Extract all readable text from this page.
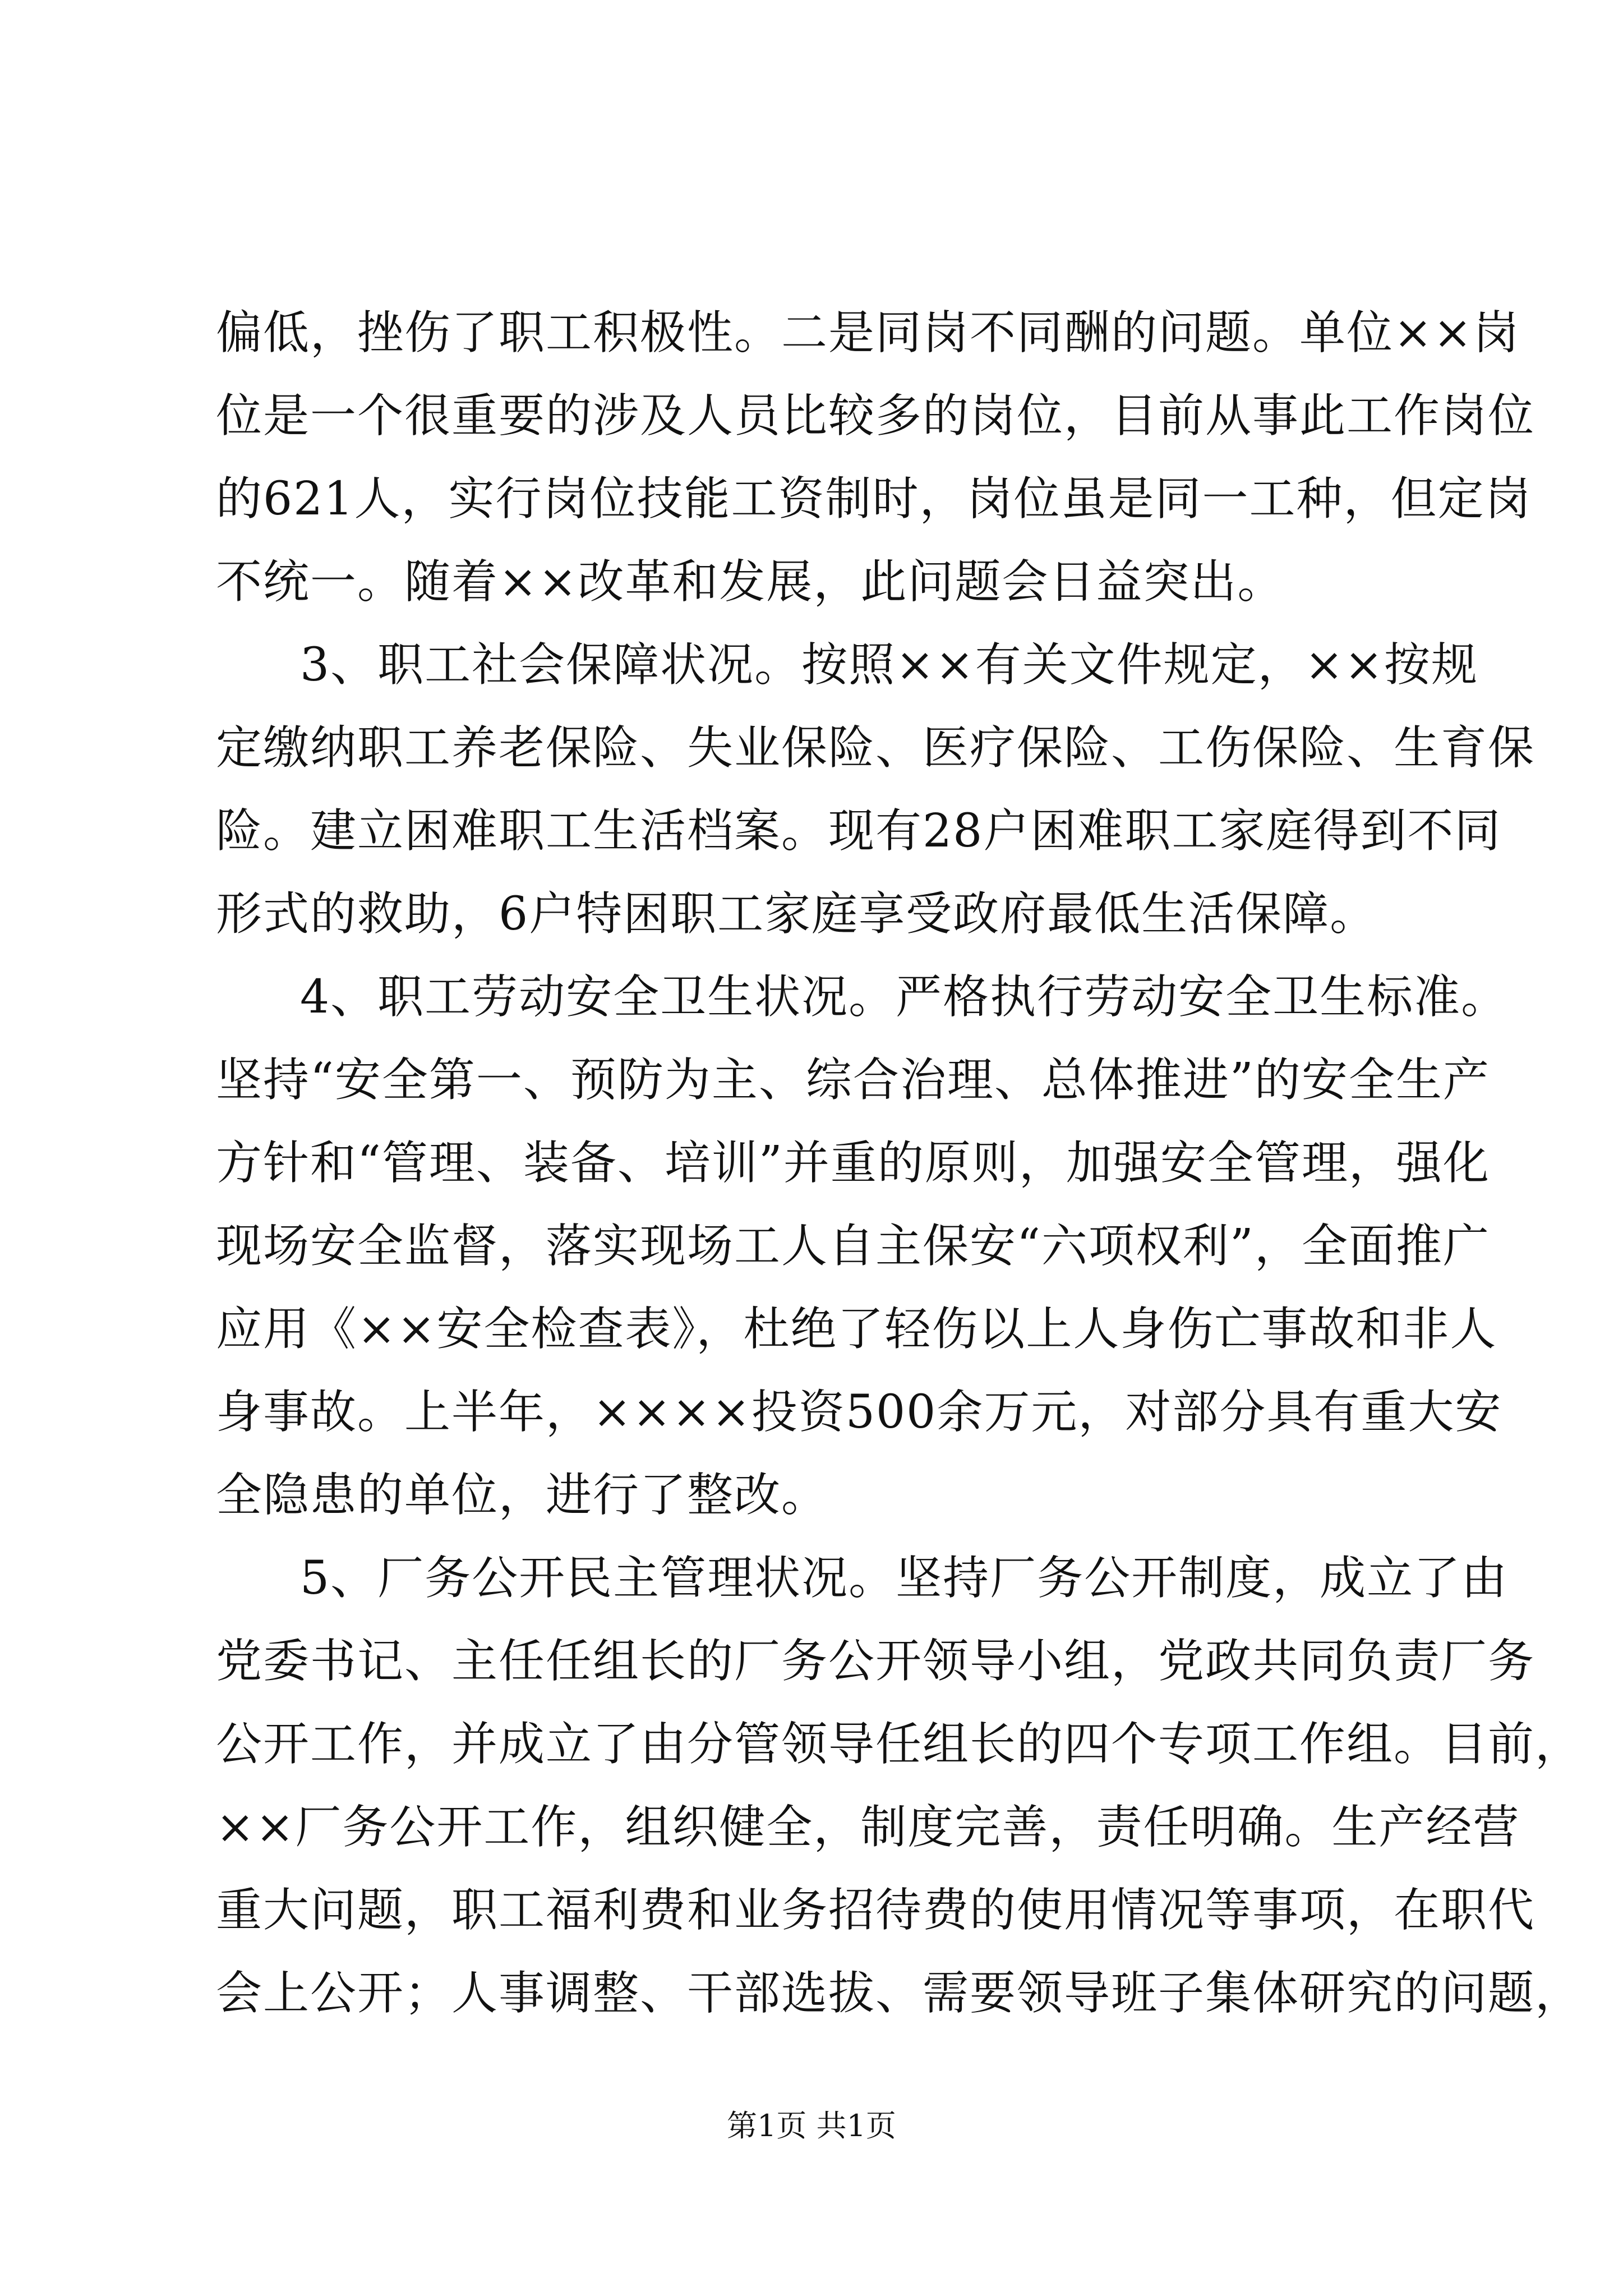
偏低，挫伤了职工积极性。二是同岗不同酬的问题。单位××岗
位是一个很重要的涉及人员比较多的岗位，目前从事此工作岗位
的621人，实行岗位技能工资制时，岗位虽是同一工种，但定岗
不统一。随着××改革和发展，此问题会日益突出。
3、职工社会保障状况。按照××有关文件规定，××按规
定缴纳职工养老保险、失业保险、医疗保险、工伤保险、生育保
险。建立困难职工生活档案。现有28户困难职工家庭得到不同
形式的救助，6户特困职工家庭享受政府最低生活保障。
4、职工劳动安全卫生状况。严格执行劳动安全卫生标准。
坚持“安全第一、预防为主、综合治理、总体推进”的安全生产
方针和“管理、装备、培训”并重的原则，加强安全管理，强化
现场安全监督，落实现场工人自主保安“六项权利”，全面推广
应用《××安全检查表》，杜绝了轻伤以上人身伤亡事故和非人
身事故。上半年，××××投资500余万元，对部分具有重大安
全隐患的单位，进行了整改。
5、厂务公开民主管理状况。坚持厂务公开制度，成立了由
党委书记、主任任组长的厂务公开领导小组，党政共同负责厂务
公开工作，并成立了由分管领导任组长的四个专项工作组。目前，
××厂务公开工作，组织健全，制度完善，责任明确。生产经营
重大问题，职工福利费和业务招待费的使用情况等事项，在职代
会上公开；人事调整、干部选拔、需要领导班子集体研究的问题，
第1页 共1页
